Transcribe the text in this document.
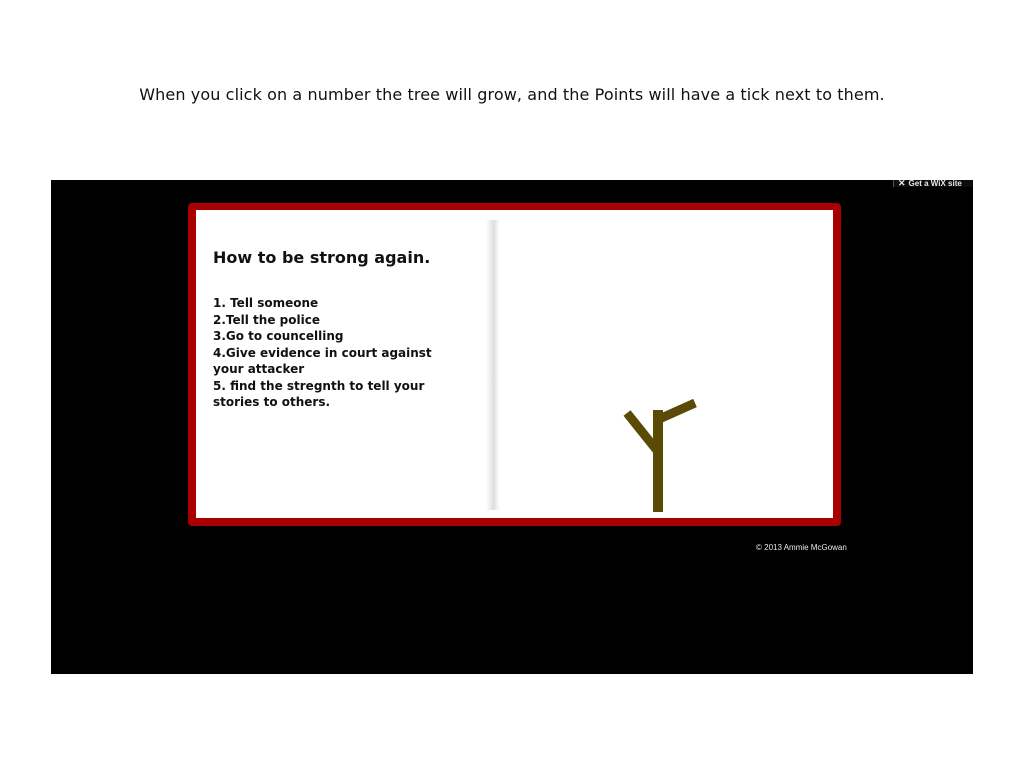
When you click on a number the tree will grow, and the Points will have a tick next to them.
✕ Get a WiX site
How to be strong again.
1. Tell someone
2.Tell the police
3.Go to councelling
4.Give evidence in court against your attacker
5. find the stregnth to tell your stories to others.
© 2013 Ammie McGowan
